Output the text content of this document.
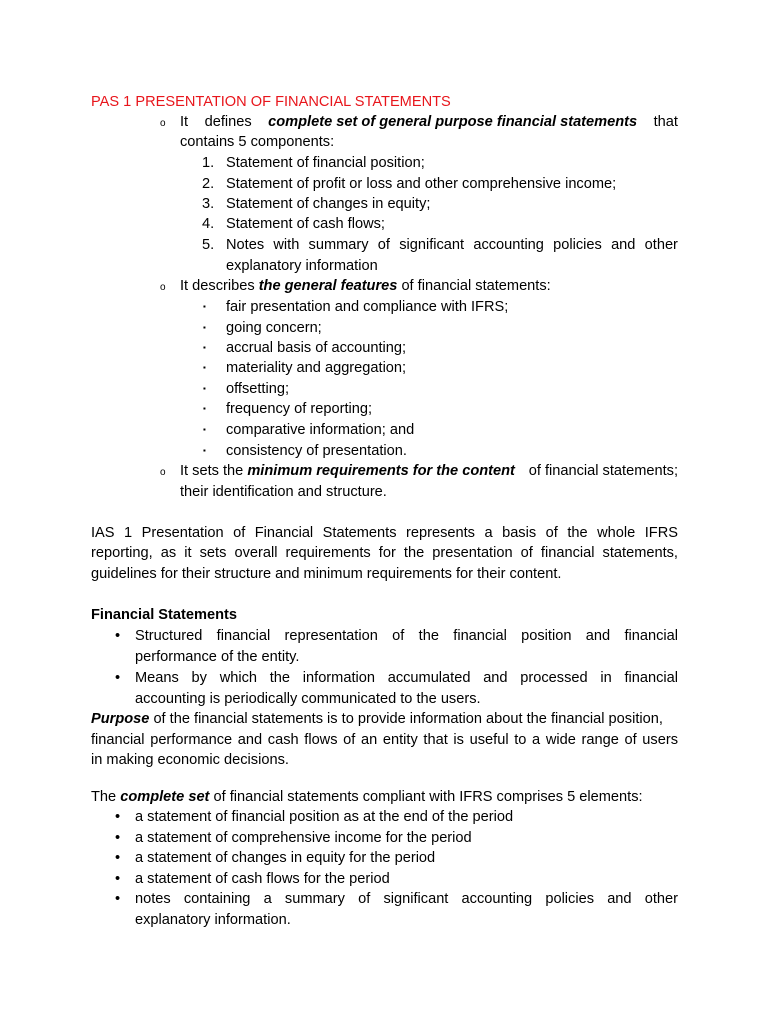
PAS 1 PRESENTATION OF FINANCIAL STATEMENTS
o It defines complete set of general purpose financial statements that
contains 5 components:
1. Statement of financial position;
2. Statement of profit or loss and other comprehensive income;
3. Statement of changes in equity;
4. Statement of cash flows;
5. Notes with summary of significant accounting policies and other
explanatory information
o It describes the general features of financial statements:
▪ fair presentation and compliance with IFRS;
▪ going concern;
▪ accrual basis of accounting;
▪ materiality and aggregation;
▪ offsetting;
▪ frequency of reporting;
▪ comparative information; and
▪ consistency of presentation.
o It sets the minimum requirements for the content of financial statements;
their identification and structure.
IAS 1 Presentation of Financial Statements represents a basis of the whole IFRS
reporting, as it sets overall requirements for the presentation of financial statements,
guidelines for their structure and minimum requirements for their content.
Financial Statements
• Structured financial representation of the financial position and financial
performance of the entity.
• Means by which the information accumulated and processed in financial
accounting is periodically communicated to the users.
Purpose of the financial statements is to provide information about the financial position,
financial performance and cash flows of an entity that is useful to a wide range of users
in making economic decisions.
The complete set of financial statements compliant with IFRS comprises 5 elements:
• a statement of financial position as at the end of the period
• a statement of comprehensive income for the period
• a statement of changes in equity for the period
• a statement of cash flows for the period
• notes containing a summary of significant accounting policies and other
explanatory information.
